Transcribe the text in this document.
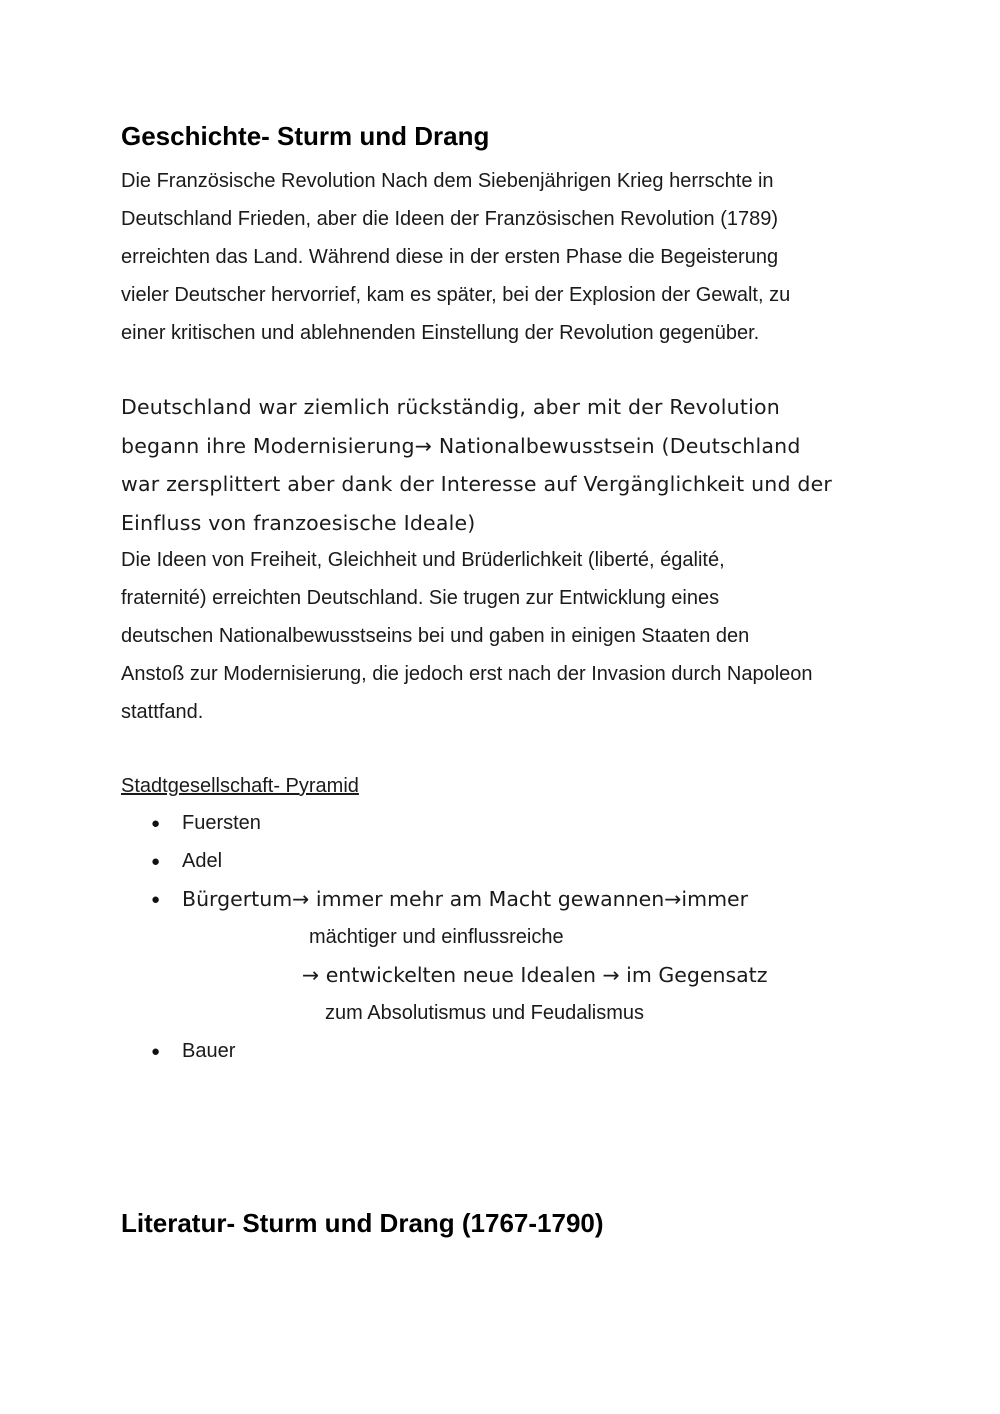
Geschichte- Sturm und Drang
Die Französische Revolution Nach dem Siebenjährigen Krieg herrschte in
Deutschland Frieden, aber die Ideen der Französischen Revolution (1789)
erreichten das Land. Während diese in der ersten Phase die Begeisterung
vieler Deutscher hervorrief, kam es später, bei der Explosion der Gewalt, zu
einer kritischen und ablehnenden Einstellung der Revolution gegenüber.
Deutschland war ziemlich rückständig, aber mit der Revolution
begann ihre Modernisierung→ Nationalbewusstsein (Deutschland
war zersplittert aber dank der Interesse auf Vergänglichkeit und der
Einfluss von franzoesische Ideale)
Die Ideen von Freiheit, Gleichheit und Brüderlichkeit (liberté, égalité,
fraternité) erreichten Deutschland. Sie trugen zur Entwicklung eines
deutschen Nationalbewusstseins bei und gaben in einigen Staaten den
Anstoß zur Modernisierung, die jedoch erst nach der Invasion durch Napoleon
stattfand.
Stadtgesellschaft- Pyramid
● Fuersten
● Adel
● Bürgertum→ immer mehr am Macht gewannen→immer
mächtiger und einflussreiche
→ entwickelten neue Idealen → im Gegensatz
zum Absolutismus und Feudalismus
● Bauer
Literatur- Sturm und Drang (1767-1790)
